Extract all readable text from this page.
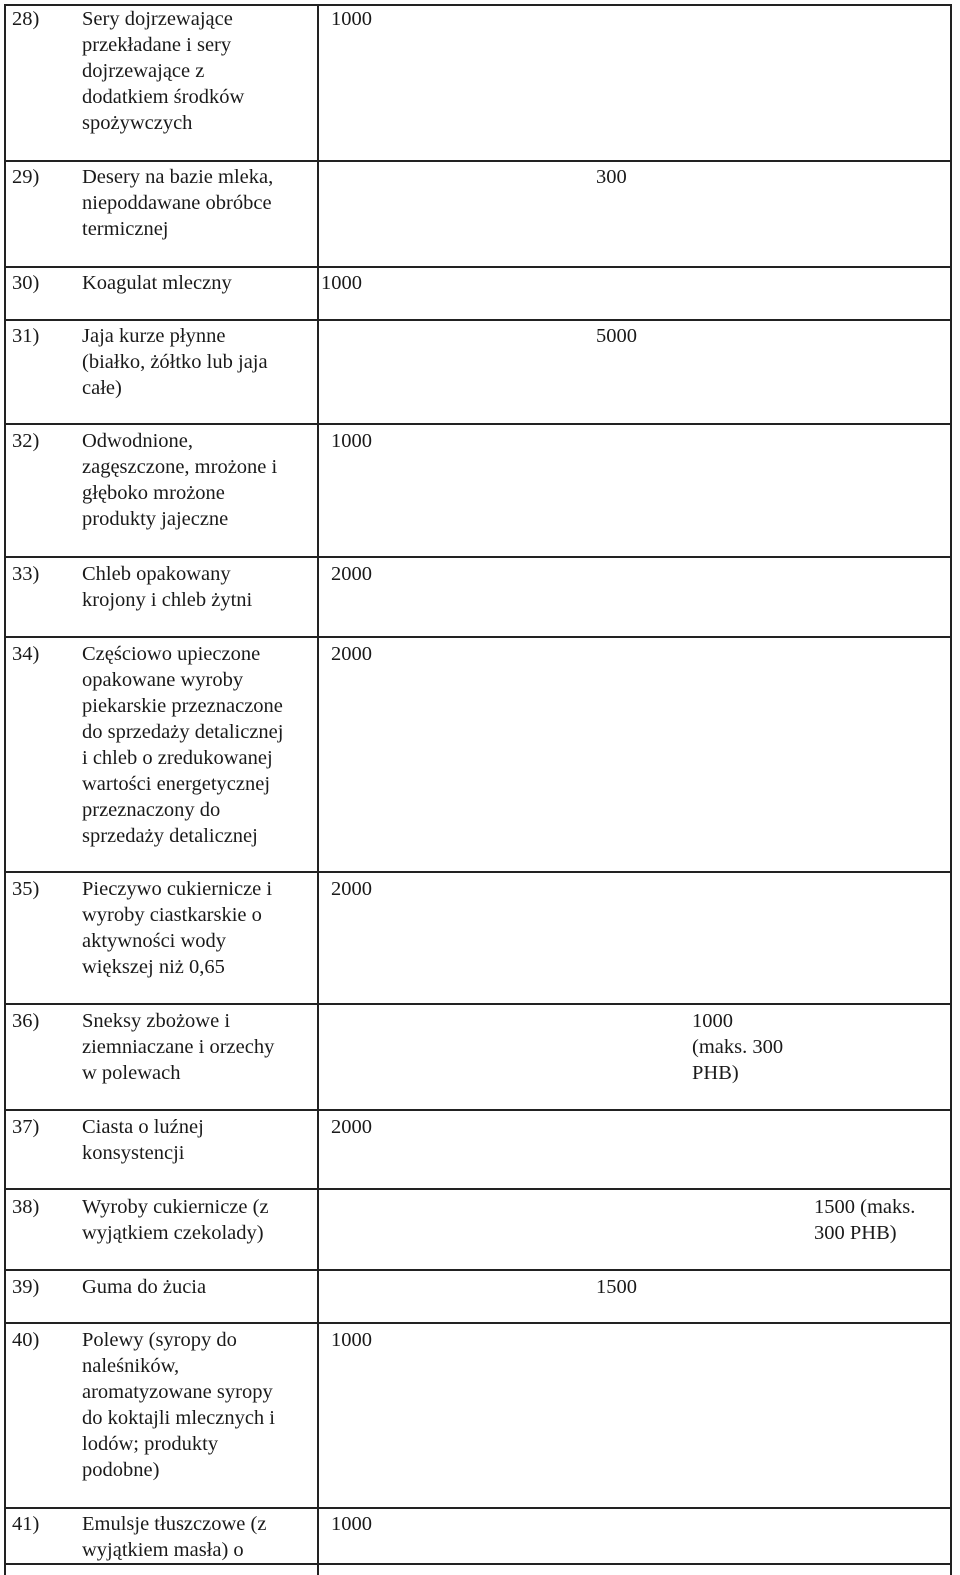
28) Sery dojrzewające
przekładane i sery
dojrzewające z
dodatkiem środków
spożywczych
1000
29) Desery na bazie mleka,
niepoddawane obróbce
termicznej
300
30) Koagulat mleczny	1000
31) Jaja kurze płynne
(białko, żółtko lub jaja
całe)
5000
32) Odwodnione,
zagęszczone, mrożone i
głęboko mrożone
produkty jajeczne
1000
33) Chleb opakowany
krojony i chleb żytni
2000
34) Częściowo upieczone
opakowane wyroby
piekarskie przeznaczone
do sprzedaży detalicznej
i chleb o zredukowanej
wartości energetycznej
przeznaczony do
sprzedaży detalicznej
2000
35) Pieczywo cukiernicze i
wyroby ciastkarskie o
aktywności wody
większej niż 0,65
2000
36) Sneksy zbożowe i
ziemniaczane i orzechy
w polewach
1000
(maks. 300
PHB)
37) Ciasta o luźnej
konsystencji
2000
38) Wyroby cukiernicze (z
wyjątkiem czekolady)
1500 (maks.
300 PHB)
39) Guma do żucia	1500
40) Polewy (syropy do
naleśników,
aromatyzowane syropy
do koktajli mlecznych i
lodów; produkty
podobne)
1000
41) Emulsje tłuszczowe (z
wyjątkiem masła) o
1000
